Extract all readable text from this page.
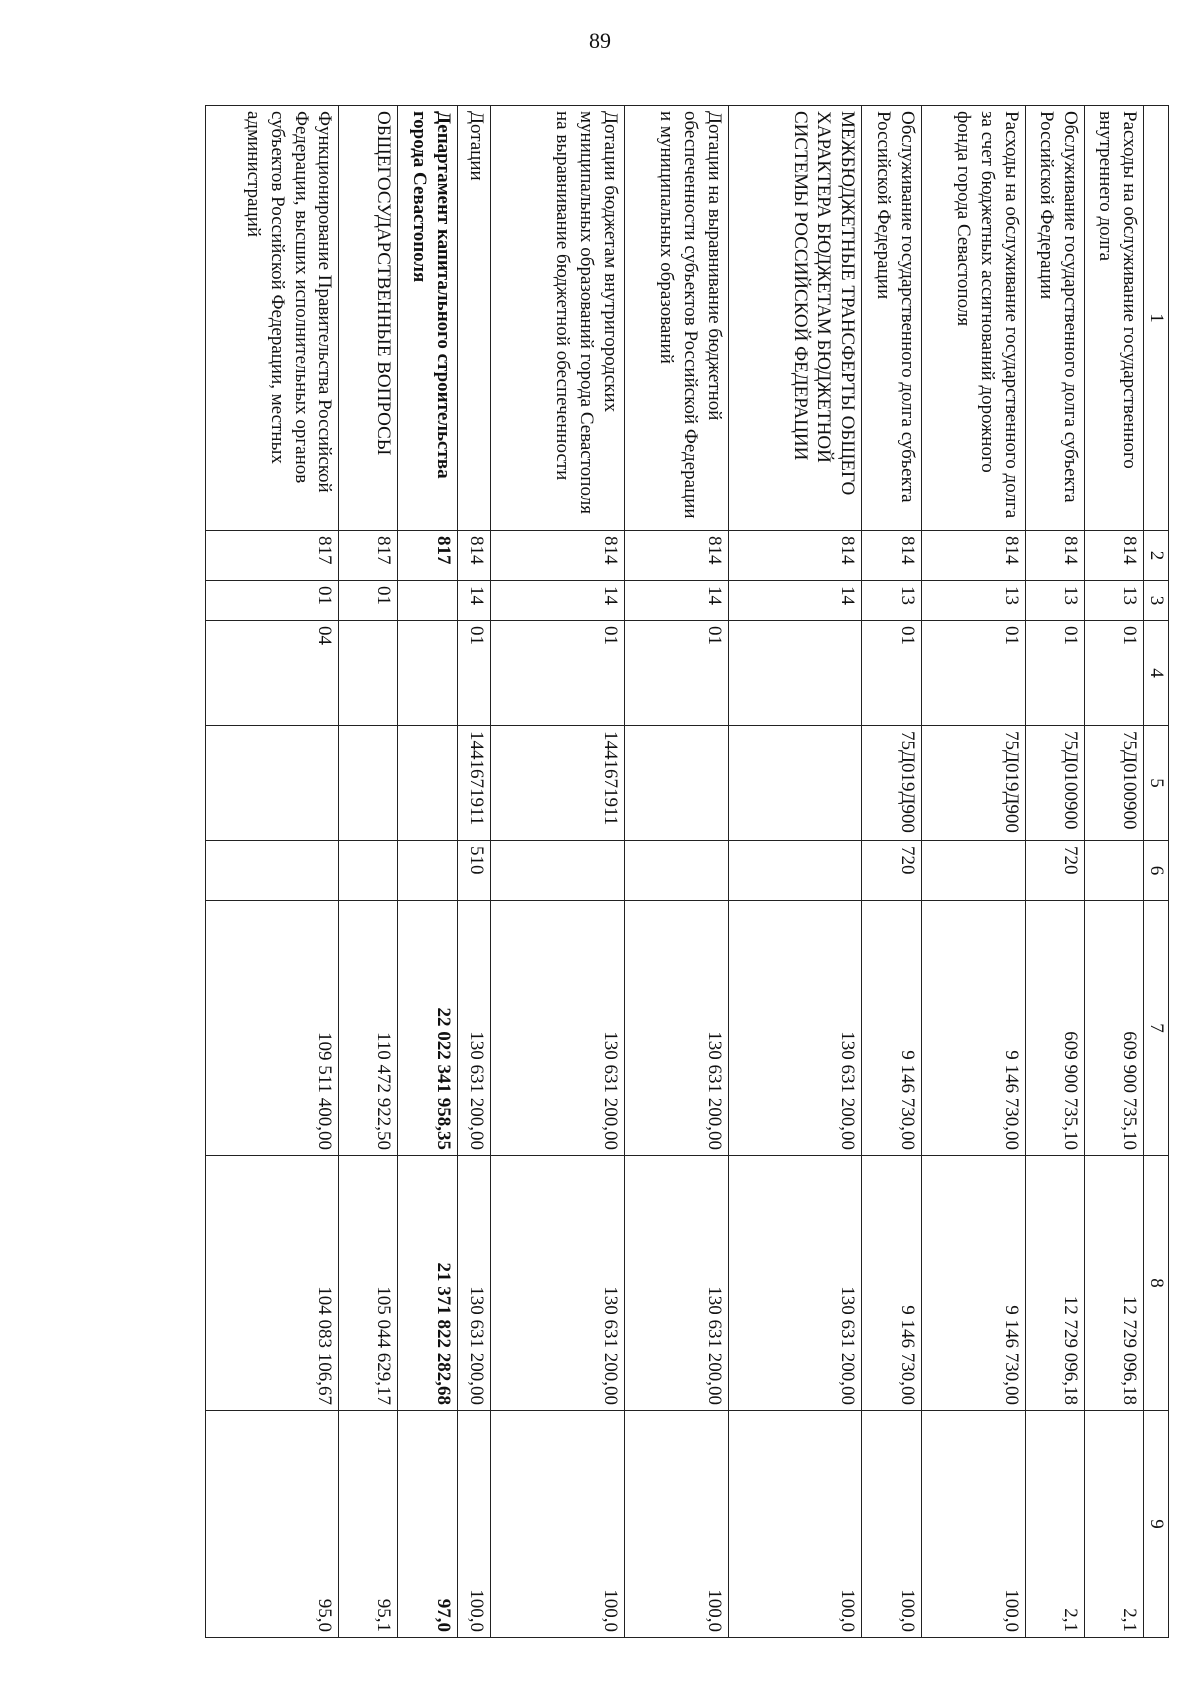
89
1	2	3	4	5	6	7	8	9
Расходы на обслуживание государственного внутреннего долга	814	13	01	75Д0100900		609 900 735,10	12 729 096,18	2,1
Обслуживание государственного долга субъекта Российской Федерации	814	13	01	75Д0100900	720	609 900 735,10	12 729 096,18	2,1
Расходы на обслуживание государственного долга за счет бюджетных ассигнований дорожного фонда города Севастополя	814	13	01	75Д019Д900		9 146 730,00	9 146 730,00	100,0
Обслуживание государственного долга субъекта Российской Федерации	814	13	01	75Д019Д900	720	9 146 730,00	9 146 730,00	100,0
МЕЖБЮДЖЕТНЫЕ ТРАНСФЕРТЫ ОБЩЕГО ХАРАКТЕРА БЮДЖЕТАМ БЮДЖЕТНОЙ СИСТЕМЫ РОССИЙСКОЙ ФЕДЕРАЦИИ	814	14				130 631 200,00	130 631 200,00	100,0
Дотации на выравнивание бюджетной обеспеченности субъектов Российской Федерации и муниципальных образований	814	14	01			130 631 200,00	130 631 200,00	100,0
Дотации бюджетам внутригородских муниципальных образований города Севастополя на выравнивание бюджетной обеспеченности	814	14	01	1441671911		130 631 200,00	130 631 200,00	100,0
Дотации	814	14	01	1441671911	510	130 631 200,00	130 631 200,00	100,0
Департамент капитального строительства города Севастополя	817					22 022 341 958,35	21 371 822 282,68	97,0
ОБЩЕГОСУДАРСТВЕННЫЕ ВОПРОСЫ	817	01				110 472 922,50	105 044 629,17	95,1
Функционирование Правительства Российской Федерации, высших исполнительных органов субъектов Российской Федерации, местных администраций	817	01	04			109 511 400,00	104 083 106,67	95,0
